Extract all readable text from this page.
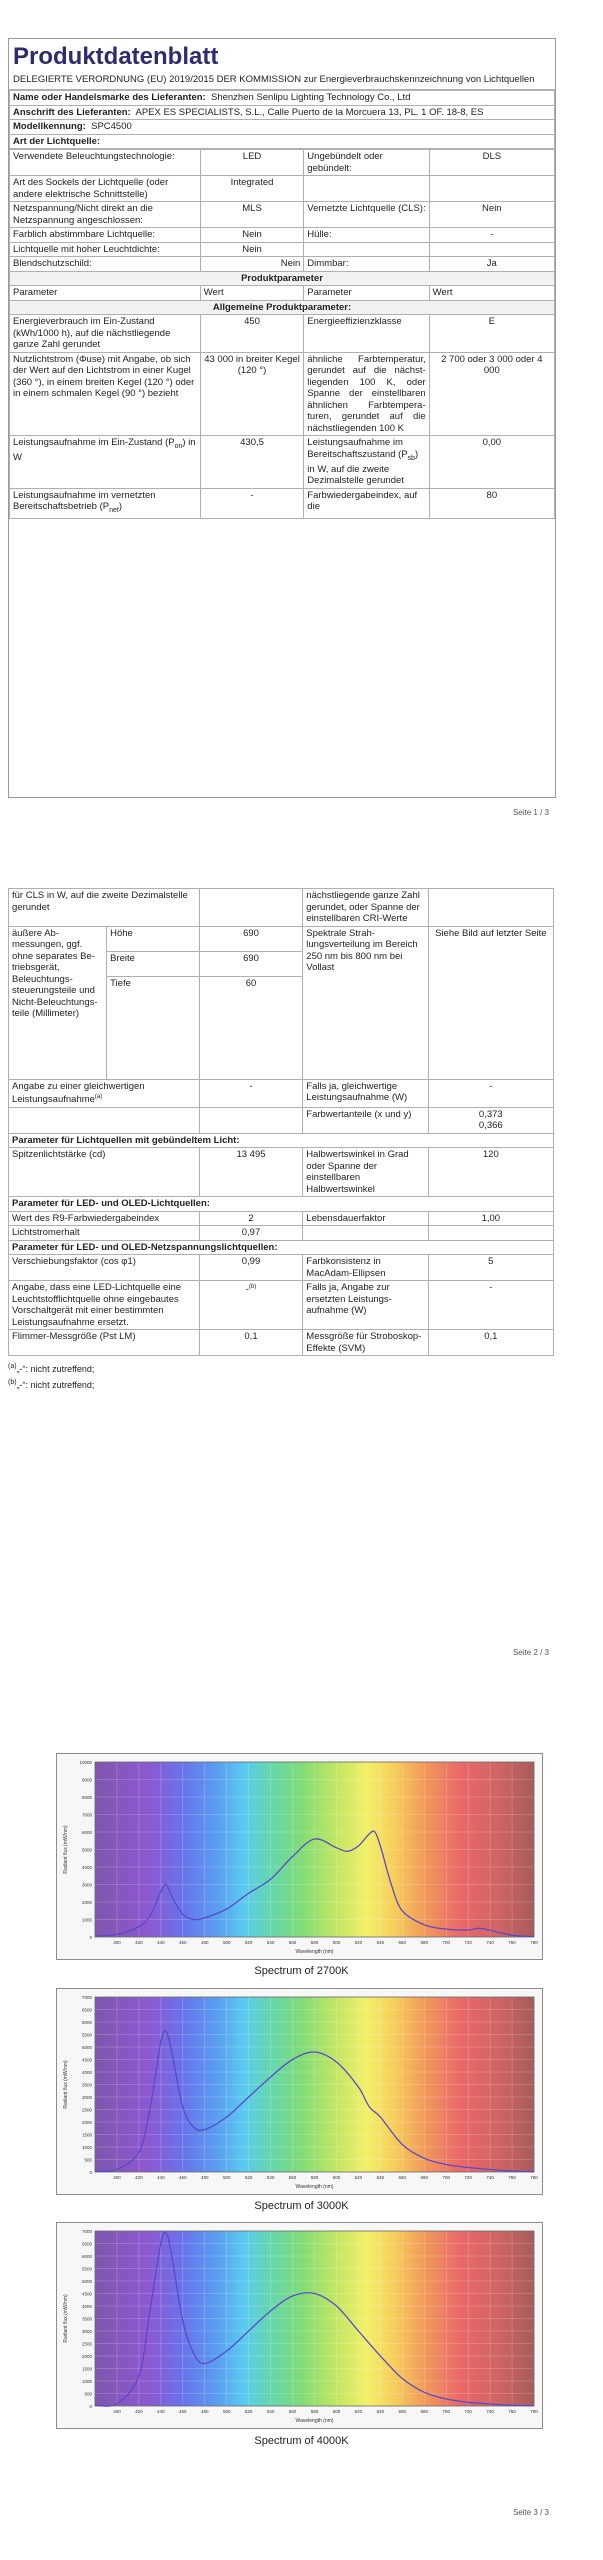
Produktdatenblatt
DELEGIERTE VERORDNUNG (EU) 2019/2015 DER KOMMISSION zur Energieverbrauchskennzeichnung von Lichtquellen
Name oder Handelsmarke des Lieferanten: Shenzhen Senlipu Lighting Technology Co., Ltd
Anschrift des Lieferanten: APEX ES SPECIALISTS, S.L., Calle Puerto de la Morcuera 13, PL. 1 OF. 18-8, ES
Modellkennung: SPC4500
Art der Lichtquelle:
Verwendete Beleuchtungstechnologie:	LED	Ungebündelt oder gebündelt:	DLS
Art des Sockels der Lichtquelle (oder andere elektrische Schnittstelle)	Integrated		
Netzspannung/Nicht direkt an die Netzspannung angeschlossen:	MLS	Vernetzte Lichtquelle (CLS):	Nein
Farblich abstimmbare Lichtquelle:	Nein	Hülle:	-
Lichtquelle mit hoher Leuchtdichte:	Nein		
Blendschutzschild:	Nein	Dimmbar:	Ja
Produktparameter			
Parameter	Wert	Parameter	Wert
Allgemeine Produktparameter:			
Energieverbrauch im Ein-Zustand (kWh/1000 h), auf die nächstliegende ganze Zahl gerundet	450	Energieeffizienzklasse	E
Nutzlichtstrom (Φuse) mit Angabe, ob sich der Wert auf den Lichtstrom in einer Kugel (360 °), in einem breiten Kegel (120 °) oder in einem schmalen Kegel (90 °) bezieht	43 000 in breiter Kegel (120 °)	ähnliche Farbtemperatur, gerundet auf die nächstliegenden 100 K, oder Spanne der einstellbaren ähnlichen Farbtemperaturen, gerundet auf die nächstliegenden 100 K	2 700 oder 3 000 oder 4 000
Leistungsaufnahme im Ein-Zustand $(P_{on})$ in W	430,5	Leistungsaufnahme im Bereitschaftszustand $(P_{sb})$ in W, auf die zweite Dezimalstelle gerundet	0,00
Leistungsaufnahme im vernetzten Bereitschaftsbetrieb $(P_{net})$	-	Farbwiedergabeindex, auf die	80
Seite 1 / 3
für CLS in W, auf die zweite Dezimalstelle gerundet			nächstliegende ganze Zahl gerundet, oder Spanne der einstellbaren CRI-Werte	
äußere Abmessungen, ggf. ohne separates Betriebsgerät, Beleuchtungssteuerungsteile und Nicht-Beleuchtungsteile (Millimeter)	Höhe	690	Spektrale Strahlungsverteilung im Bereich 250 nm bis 800 nm bei Vollast	Siehe Bild auf letzter Seite
	Breite	690		
	Tiefe	60		
Angabe zu einer gleichwertigen Leistungsaufnahme$^{(a)}$		-	Falls ja, gleichwertige Leistungsaufnahme (W)	-
			Farbwertanteile (x und y)	0,373
0,366
Parameter für Lichtquellen mit gebündeltem Licht:				
Spitzenlichtstärke (cd)		13 495	Halbwertswinkel in Grad oder Spanne der einstellbaren Halbwertswinkel	120
Parameter für LED- und OLED-Lichtquellen:				
Wert des R9-Farbwiedergabeindex		2	Lebensdauerfaktor	1,00
Lichtstromerhalt		0,97		
Parameter für LED- und OLED-Netzspannungslichtquellen:				
Verschiebungsfaktor (cos φ1)		0,99	Farbkonsistenz in MacAdam-Ellipsen	5
Angabe, dass eine LED-Lichtquelle eine Leuchtstofflichtquelle ohne eingebautes Vorschaltgerät mit einer bestimmten Leistungsaufnahme ersetzt.		-$^{(b)}$	Falls ja, Angabe zur ersetzten Leistungsaufnahme (W)	-
Flimmer-Messgröße (Pst LM)		0,1	Messgröße für Stroboskop-Effekte (SVM)	0,1
$^{(a)}$„-“: nicht zutreffend;
$^{(b)}$„-“: nicht zutreffend;
Seite 2 / 3
0
1000
2000
3000
4000
5000
6000
7000
8000
9000
10000
400	420	440	460	480	500	520	540	560	580	600	620	640	660	680	700	720	740	760	780
Wavelength (nm)
Radiant flux (mW/nm)
Spectrum of 2700K
0
500
1000
1500
2000
2500
3000
3500
4000
4500
5000
5500
6000
6500
7000
400	420	440	460	480	500	520	540	560	580	600	620	640	660	680	700	720	740	760	780
Wavelength (nm)
Radiant flux (mW/nm)
Spectrum of 3000K
0
500
1000
1500
2000
2500
3000
3500
4000
4500
5000
5500
6000
6500
7000
400	420	440	460	480	500	520	540	560	580	600	620	640	660	680	700	720	740	760	780
Wavelength (nm)
Radiant flux (mW/nm)
Spectrum of 4000K
Seite 3 / 3
